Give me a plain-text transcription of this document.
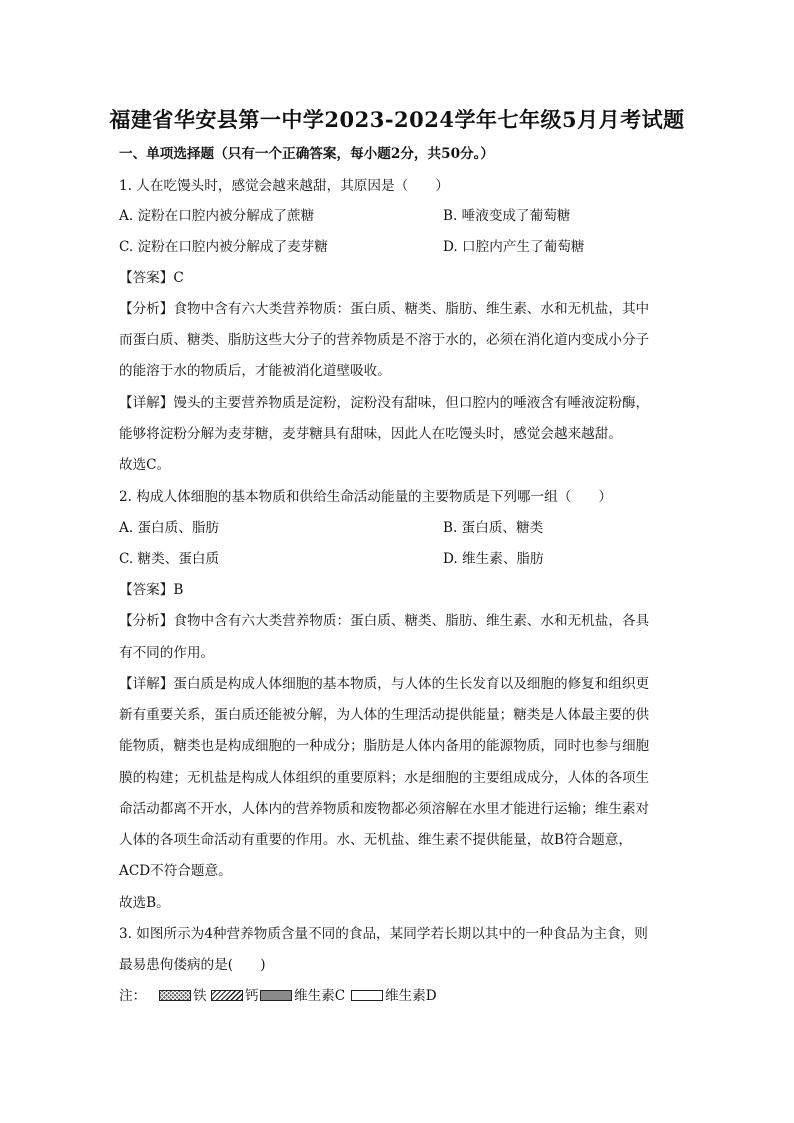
福建省华安县第一中学2023-2024学年七年级5月月考试题
一、单项选择题（只有一个正确答案，每小题2分，共50分。）
1. 人在吃馒头时，感觉会越来越甜，其原因是（　　）
A. 淀粉在口腔内被分解成了蔗糖	B. 唾液变成了葡萄糖
C. 淀粉在口腔内被分解成了麦芽糖	D. 口腔内产生了葡萄糖
【答案】C
【分析】食物中含有六大类营养物质：蛋白质、糖类、脂肪、维生素、水和无机盐，其中
而蛋白质、糖类、脂肪这些大分子的营养物质是不溶于水的，必须在消化道内变成小分子
的能溶于水的物质后，才能被消化道壁吸收。
【详解】馒头的主要营养物质是淀粉，淀粉没有甜味，但口腔内的唾液含有唾液淀粉酶，
能够将淀粉分解为麦芽糖，麦芽糖具有甜味，因此人在吃馒头时，感觉会越来越甜。
故选C。
2. 构成人体细胞的基本物质和供给生命活动能量的主要物质是下列哪一组（　　）
A. 蛋白质、脂肪	B. 蛋白质、糖类
C. 糖类、蛋白质	D. 维生素、脂肪
【答案】B
【分析】食物中含有六大类营养物质：蛋白质、糖类、脂肪、维生素、水和无机盐，各具
有不同的作用。
【详解】蛋白质是构成人体细胞的基本物质，与人体的生长发育以及细胞的修复和组织更
新有重要关系，蛋白质还能被分解，为人体的生理活动提供能量；糖类是人体最主要的供
能物质，糖类也是构成细胞的一种成分；脂肪是人体内备用的能源物质，同时也参与细胞
膜的构建；无机盐是构成人体组织的重要原料；水是细胞的主要组成成分，人体的各项生
命活动都离不开水，人体内的营养物质和废物都必须溶解在水里才能进行运输；维生素对
人体的各项生命活动有重要的作用。水、无机盐、维生素不提供能量，故B符合题意，
ACD不符合题意。
故选B。
3. 如图所示为4种营养物质含量不同的食品，某同学若长期以其中的一种食品为主食，则
最易患佝偻病的是(　　)
注：	铁	钙	维生素C	维生素D
